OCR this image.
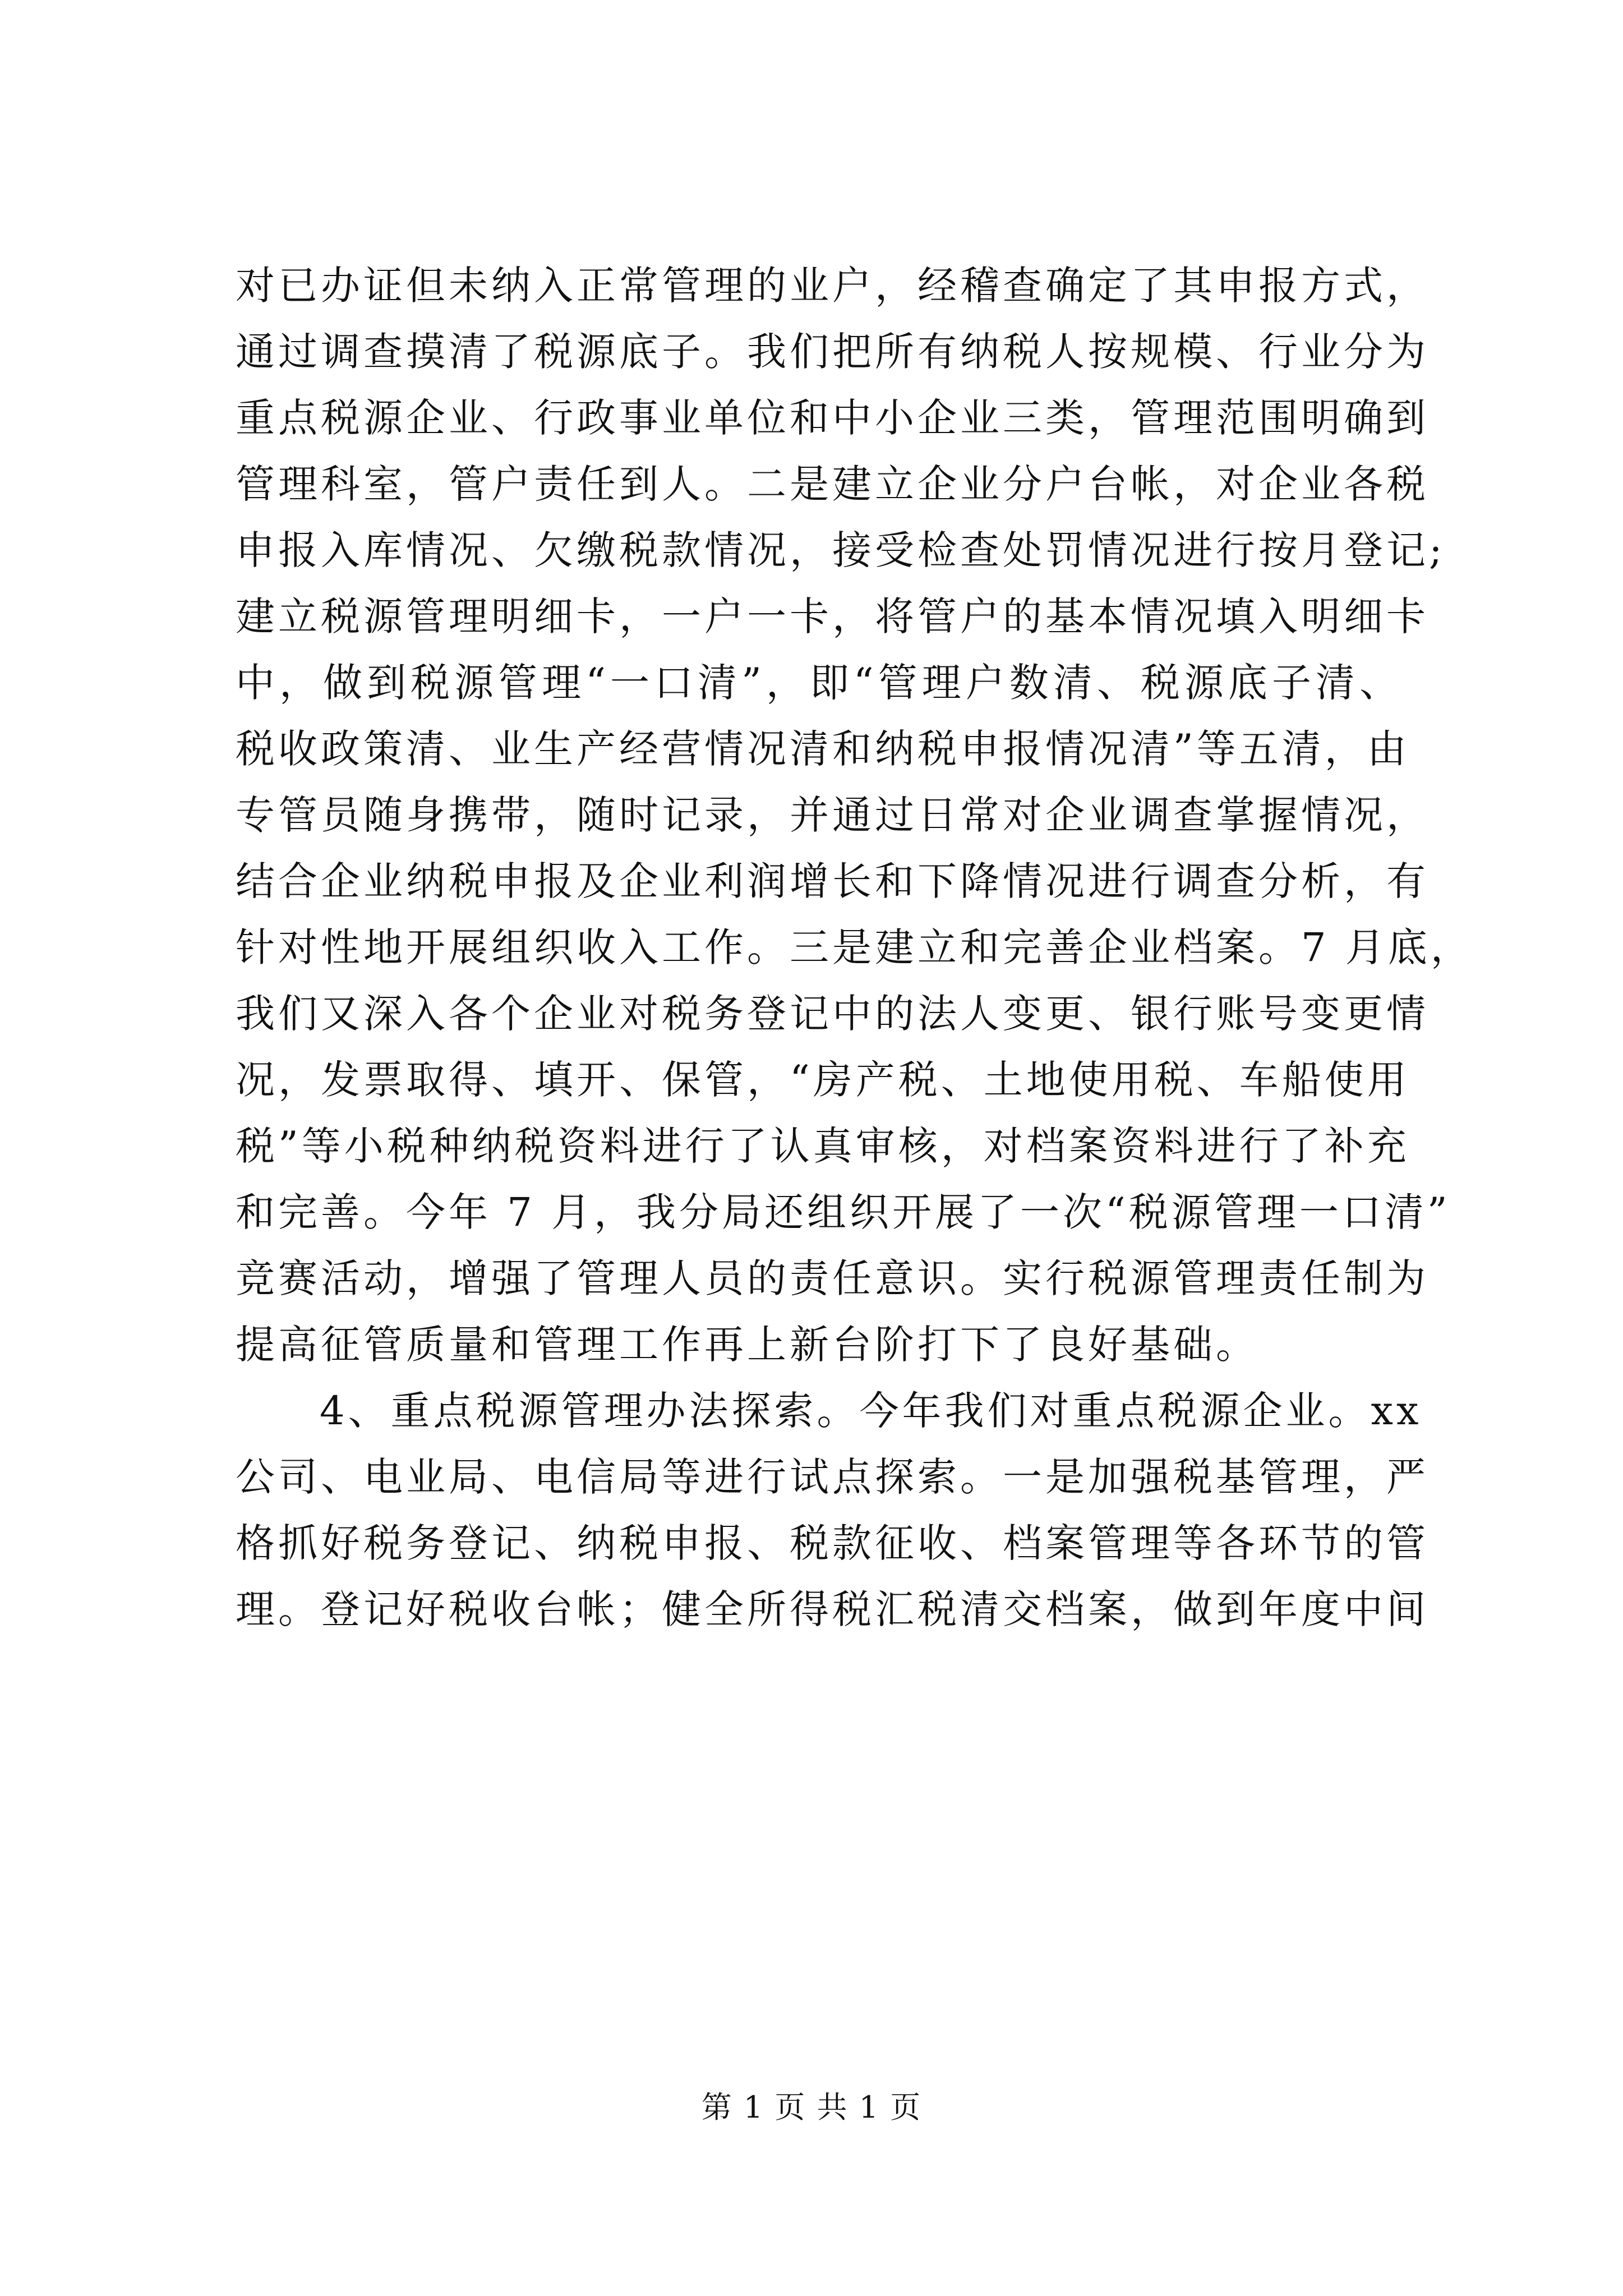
对已办证但未纳入正常管理的业户，经稽查确定了其申报方式，
通过调查摸清了税源底子。我们把所有纳税人按规模、行业分为
重点税源企业、行政事业单位和中小企业三类，管理范围明确到
管理科室，管户责任到人。二是建立企业分户台帐，对企业各税
申报入库情况、欠缴税款情况，接受检查处罚情况进行按月登记;
建立税源管理明细卡，一户一卡，将管户的基本情况填入明细卡
中，做到税源管理“一口清”，即“管理户数清、税源底子清、
税收政策清、业生产经营情况清和纳税申报情况清”等五清，由
专管员随身携带，随时记录，并通过日常对企业调查掌握情况，
结合企业纳税申报及企业利润增长和下降情况进行调查分析，有
针对性地开展组织收入工作。三是建立和完善企业档案。7 月底，
我们又深入各个企业对税务登记中的法人变更、银行账号变更情
况，发票取得、填开、保管，“房产税、土地使用税、车船使用
税”等小税种纳税资料进行了认真审核，对档案资料进行了补充
和完善。今年 7 月，我分局还组织开展了一次“税源管理一口清”
竞赛活动，增强了管理人员的责任意识。实行税源管理责任制为
提高征管质量和管理工作再上新台阶打下了良好基础。
4、重点税源管理办法探索。今年我们对重点税源企业。xx
公司、电业局、电信局等进行试点探索。一是加强税基管理，严
格抓好税务登记、纳税申报、税款征收、档案管理等各环节的管
理。登记好税收台帐；健全所得税汇税清交档案，做到年度中间
第 1 页 共 1 页
